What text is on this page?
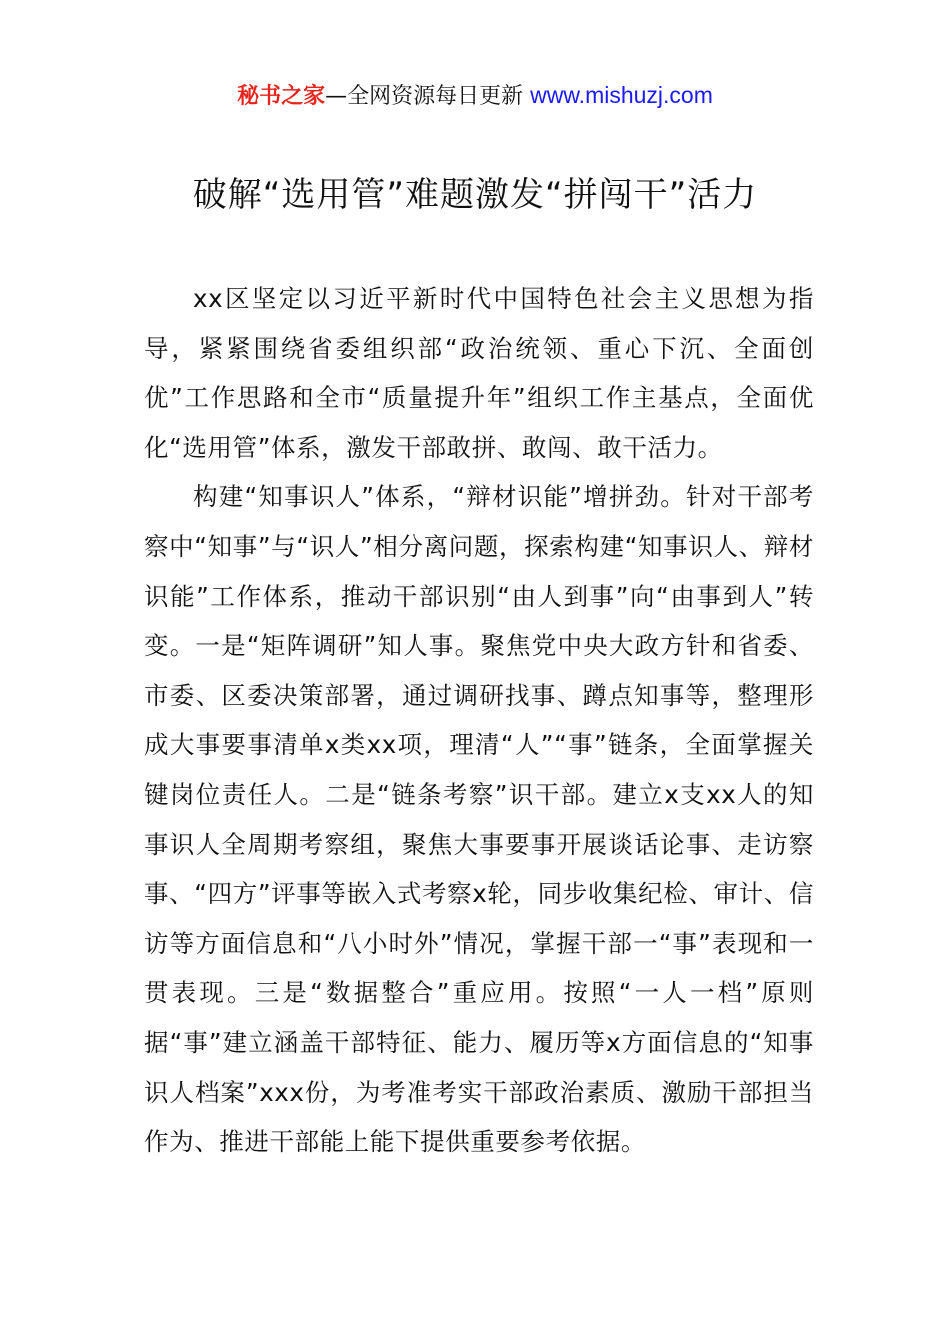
秘书之家—全网资源每日更新 www.mishuzj.com
破解“选用管”难题激发“拼闯干”活力

xx区坚定以习近平新时代中国特色社会主义思想为指导，紧紧围绕省委组织部“政治统领、重心下沉、全面创优”工作思路和全市“质量提升年”组织工作主基点，全面优化“选用管”体系，激发干部敢拼、敢闯、敢干活力。

构建“知事识人”体系，“辩材识能”增拼劲。针对干部考察中“知事”与“识人”相分离问题，探索构建“知事识人、辩材识能”工作体系，推动干部识别“由人到事”向“由事到人”转变。一是“矩阵调研”知人事。聚焦党中央大政方针和省委、市委、区委决策部署，通过调研找事、蹲点知事等，整理形成大事要事清单x类xx项，理清“人”“事”链条，全面掌握关键岗位责任人。二是“链条考察”识干部。建立x支xx人的知事识人全周期考察组，聚焦大事要事开展谈话论事、走访察事、“四方”评事等嵌入式考察x轮，同步收集纪检、审计、信访等方面信息和“八小时外”情况，掌握干部一“事”表现和一贯表现。三是“数据整合”重应用。按照“一人一档”原则据“事”建立涵盖干部特征、能力、履历等x方面信息的“知事识人档案”xxx份，为考准考实干部政治素质、激励干部担当作为、推进干部能上能下提供重要参考依据。
